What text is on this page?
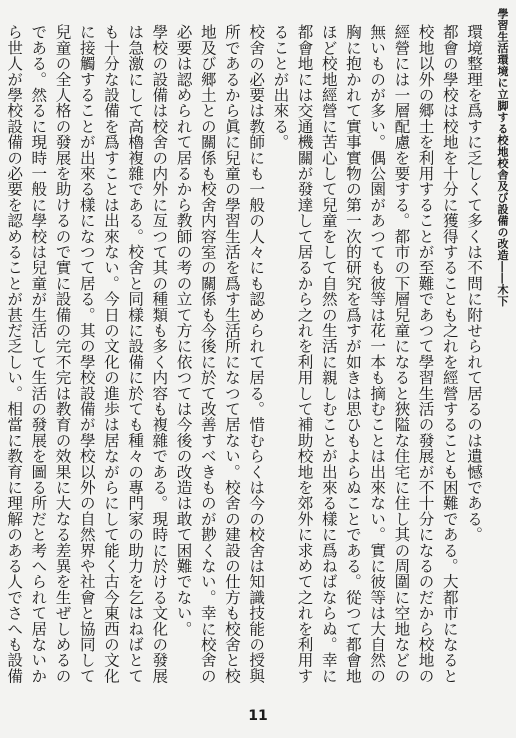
學習生活環境に立脚する校地校舎及び設備の改造――木下

環境整理を爲すに乏しくて多くは不問に附せられて居るのは遺憾である。

都會の學校は校地を十分に獲得することも之れを經營することも困難である。大都市になると校地以外の郷土を利用することが至難であつて學習生活の發展が不十分になるのだから校地の經營には一層配慮を要する。都市の下層兒童になると狹隘な住宅に住し其の周圍に空地などの無いものが多い。偶公園があつても彼等は花一本も摘むことは出來ない。實に彼等は大自然の胸に抱かれて實事實物の第一次的研究を爲すが如きは思ひもよらぬことである。從つて都會地ほど校地經營に苦心して兒童をして自然の生活に親しむことが出來る樣に爲ねばならぬ。幸に都會地には交通機關が發達して居るから之れを利用して補助校地を郊外に求めて之れを利用することが出來る。

校舍の必要は教師にも一般の人々にも認められて居る。惜むらくは今の校舍は知識技能の授與所であるから眞に兒童の學習生活を爲す生活所になつて居ない。校舍の建設の仕方も校舍と校地及び郷土との關係も校舍内容室の關係も今後に於て改善すべきものが尠くない。幸に校舍の必要は認められて居るから教師の考の立て方に依つては今後の改造は敢て困難でない。

學校の設備は校舍の内外に亙つて其の種類も多く内容も複雜である。現時に於ける文化の發展は急激にして高櫓複雜である。校舍と同樣に設備に於ても種々の專門家の助力を乞はねばとても十分な設備を爲すことは出來ない。今日の文化の進歩は居ながらにして能く古今東西の文化に接觸することが出來る樣になつて居る。其の學校設備が學校以外の自然界や社會と協同して兒童の全人格の發展を助けるので實に設備の完不完は教育の效果に大なる差異を生ぜしめるのである。然るに現時一般に學校は兒童が生活して生活の發展を圖る所だと考へられて居ないから世人が學校設備の必要を認めることが甚だ乏しい。相當に教育に理解のある人でさへも設備

11
